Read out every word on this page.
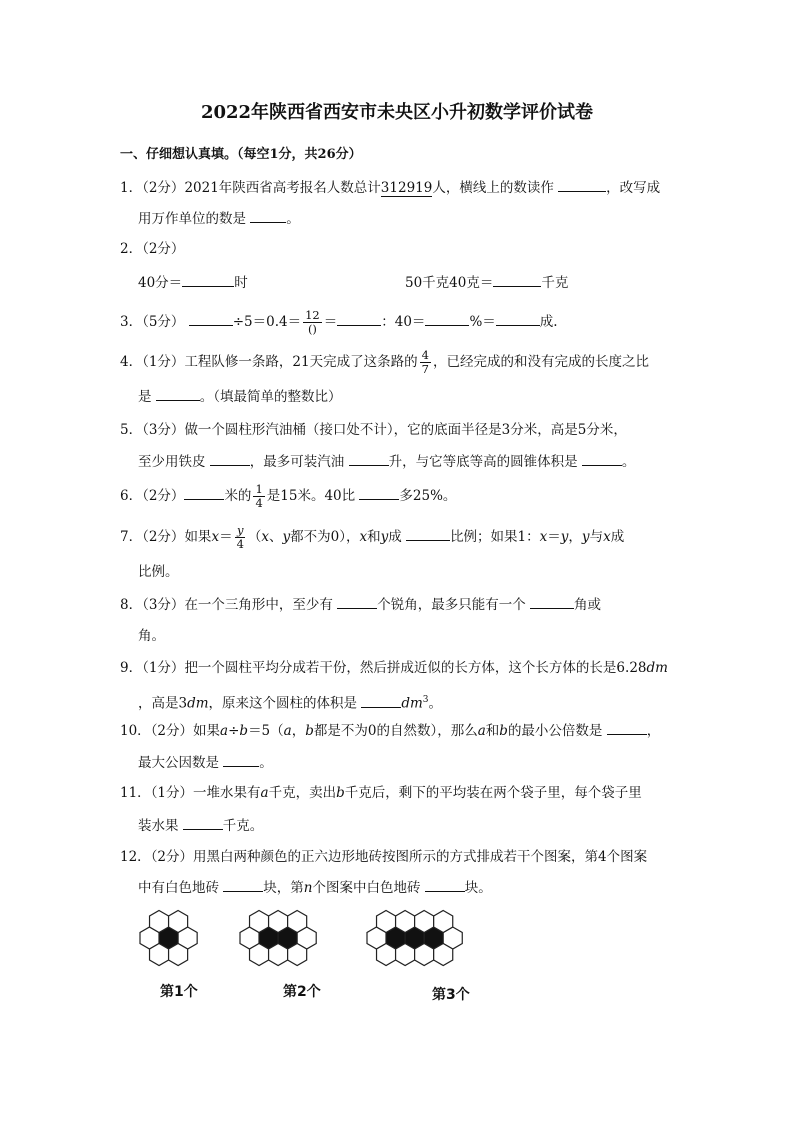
2022年陕西省西安市未央区小升初数学评价试卷
一、仔细想认真填。（每空1分，共26分）
1．（2分）2021年陕西省高考报名人数总计312919人，横线上的数读作	，改写成
用万作单位的数是	。
2．（2分）
40分＝	时	50千克40克＝	千克
3．（5分）	$\div 5=0.4= \frac{12}{()}$ ＝	：40＝	%＝	成.
4．（1分）工程队修一条路，21天完成了这条路的 $\frac{4}{7}$ ，已经完成的和没有完成的长度之比
是	。（填最简单的整数比）
5．（3分）做一个圆柱形汽油桶（接口处不计），它的底面半径是3分米，高是5分米，
至少用铁皮	，最多可装汽油	升，与它等底等高的圆锥体积是	。
6．（2分）	米的 $\frac{1}{4}$ 是15米。40比	多25%。
7．（2分）如果$x= \frac{y}{4} (x$、y都不为0），x和y成	比例；如果1：x＝y，y与x成
比例。
8．（3分）在一个三角形中，至少有	个锐角，最多只能有一个	角或
角。
9．（1分）把一个圆柱平均分成若干份，然后拼成近似的长方体，这个长方体的长是6.28dm
，高是3dm，原来这个圆柱的体积是	$dm^3$。
10．（2分）如果a÷b＝5（a，b都是不为0的自然数），那么a和b的最小公倍数是	，
最大公因数是	。
11．（1分）一堆水果有a千克，卖出b千克后，剩下的平均装在两个袋子里，每个袋子里
装水果	千克。
12．（2分）用黑白两种颜色的正六边形地砖按图所示的方式排成若干个图案，第4个图案
中有白色地砖	块，第n个图案中白色地砖	块。
第1个	第2个	第3个
